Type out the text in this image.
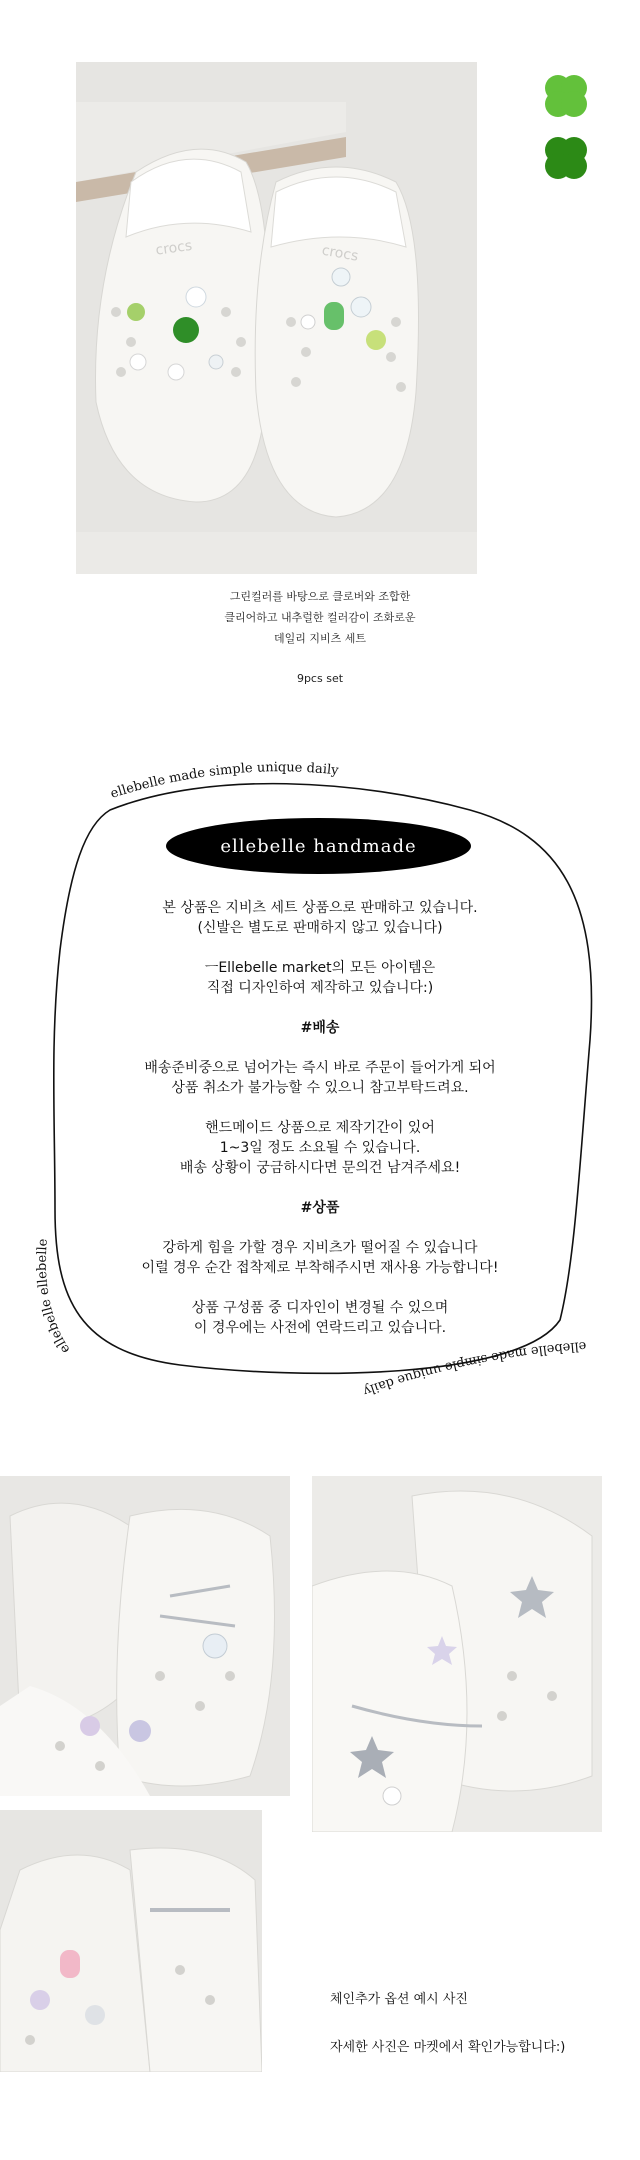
crocs	crocs
그린컬러를 바탕으로 클로버와 조합한
클리어하고 내추럴한 컬러감이 조화로운
데일리 지비츠 세트
9pcs set
ellebelle made simple unique daily
ellebelle ellebelle
ellebelle made simple unique daily
ellebelle handmade

본 상품은 지비츠 세트 상품으로 판매하고 있습니다.

(신발은 별도로 판매하지 않고 있습니다)

ㅡEllebelle market의 모든 아이템은

직접 디자인하여 제작하고 있습니다:)

#배송

배송준비중으로 넘어가는 즉시 바로 주문이 들어가게 되어

상품 취소가 불가능할 수 있으니 참고부탁드려요.

핸드메이드 상품으로 제작기간이 있어

1~3일 정도 소요될 수 있습니다.

배송 상황이 궁금하시다면 문의건 남겨주세요!

#상품

강하게 힘을 가할 경우 지비츠가 떨어질 수 있습니다

이럴 경우 순간 접착제로 부착해주시면 재사용 가능합니다!

상품 구성품 중 디자인이 변경될 수 있으며

이 경우에는 사전에 연락드리고 있습니다.

체인추가 옵션 예시 사진
자세한 사진은 마켓에서 확인가능합니다:)
